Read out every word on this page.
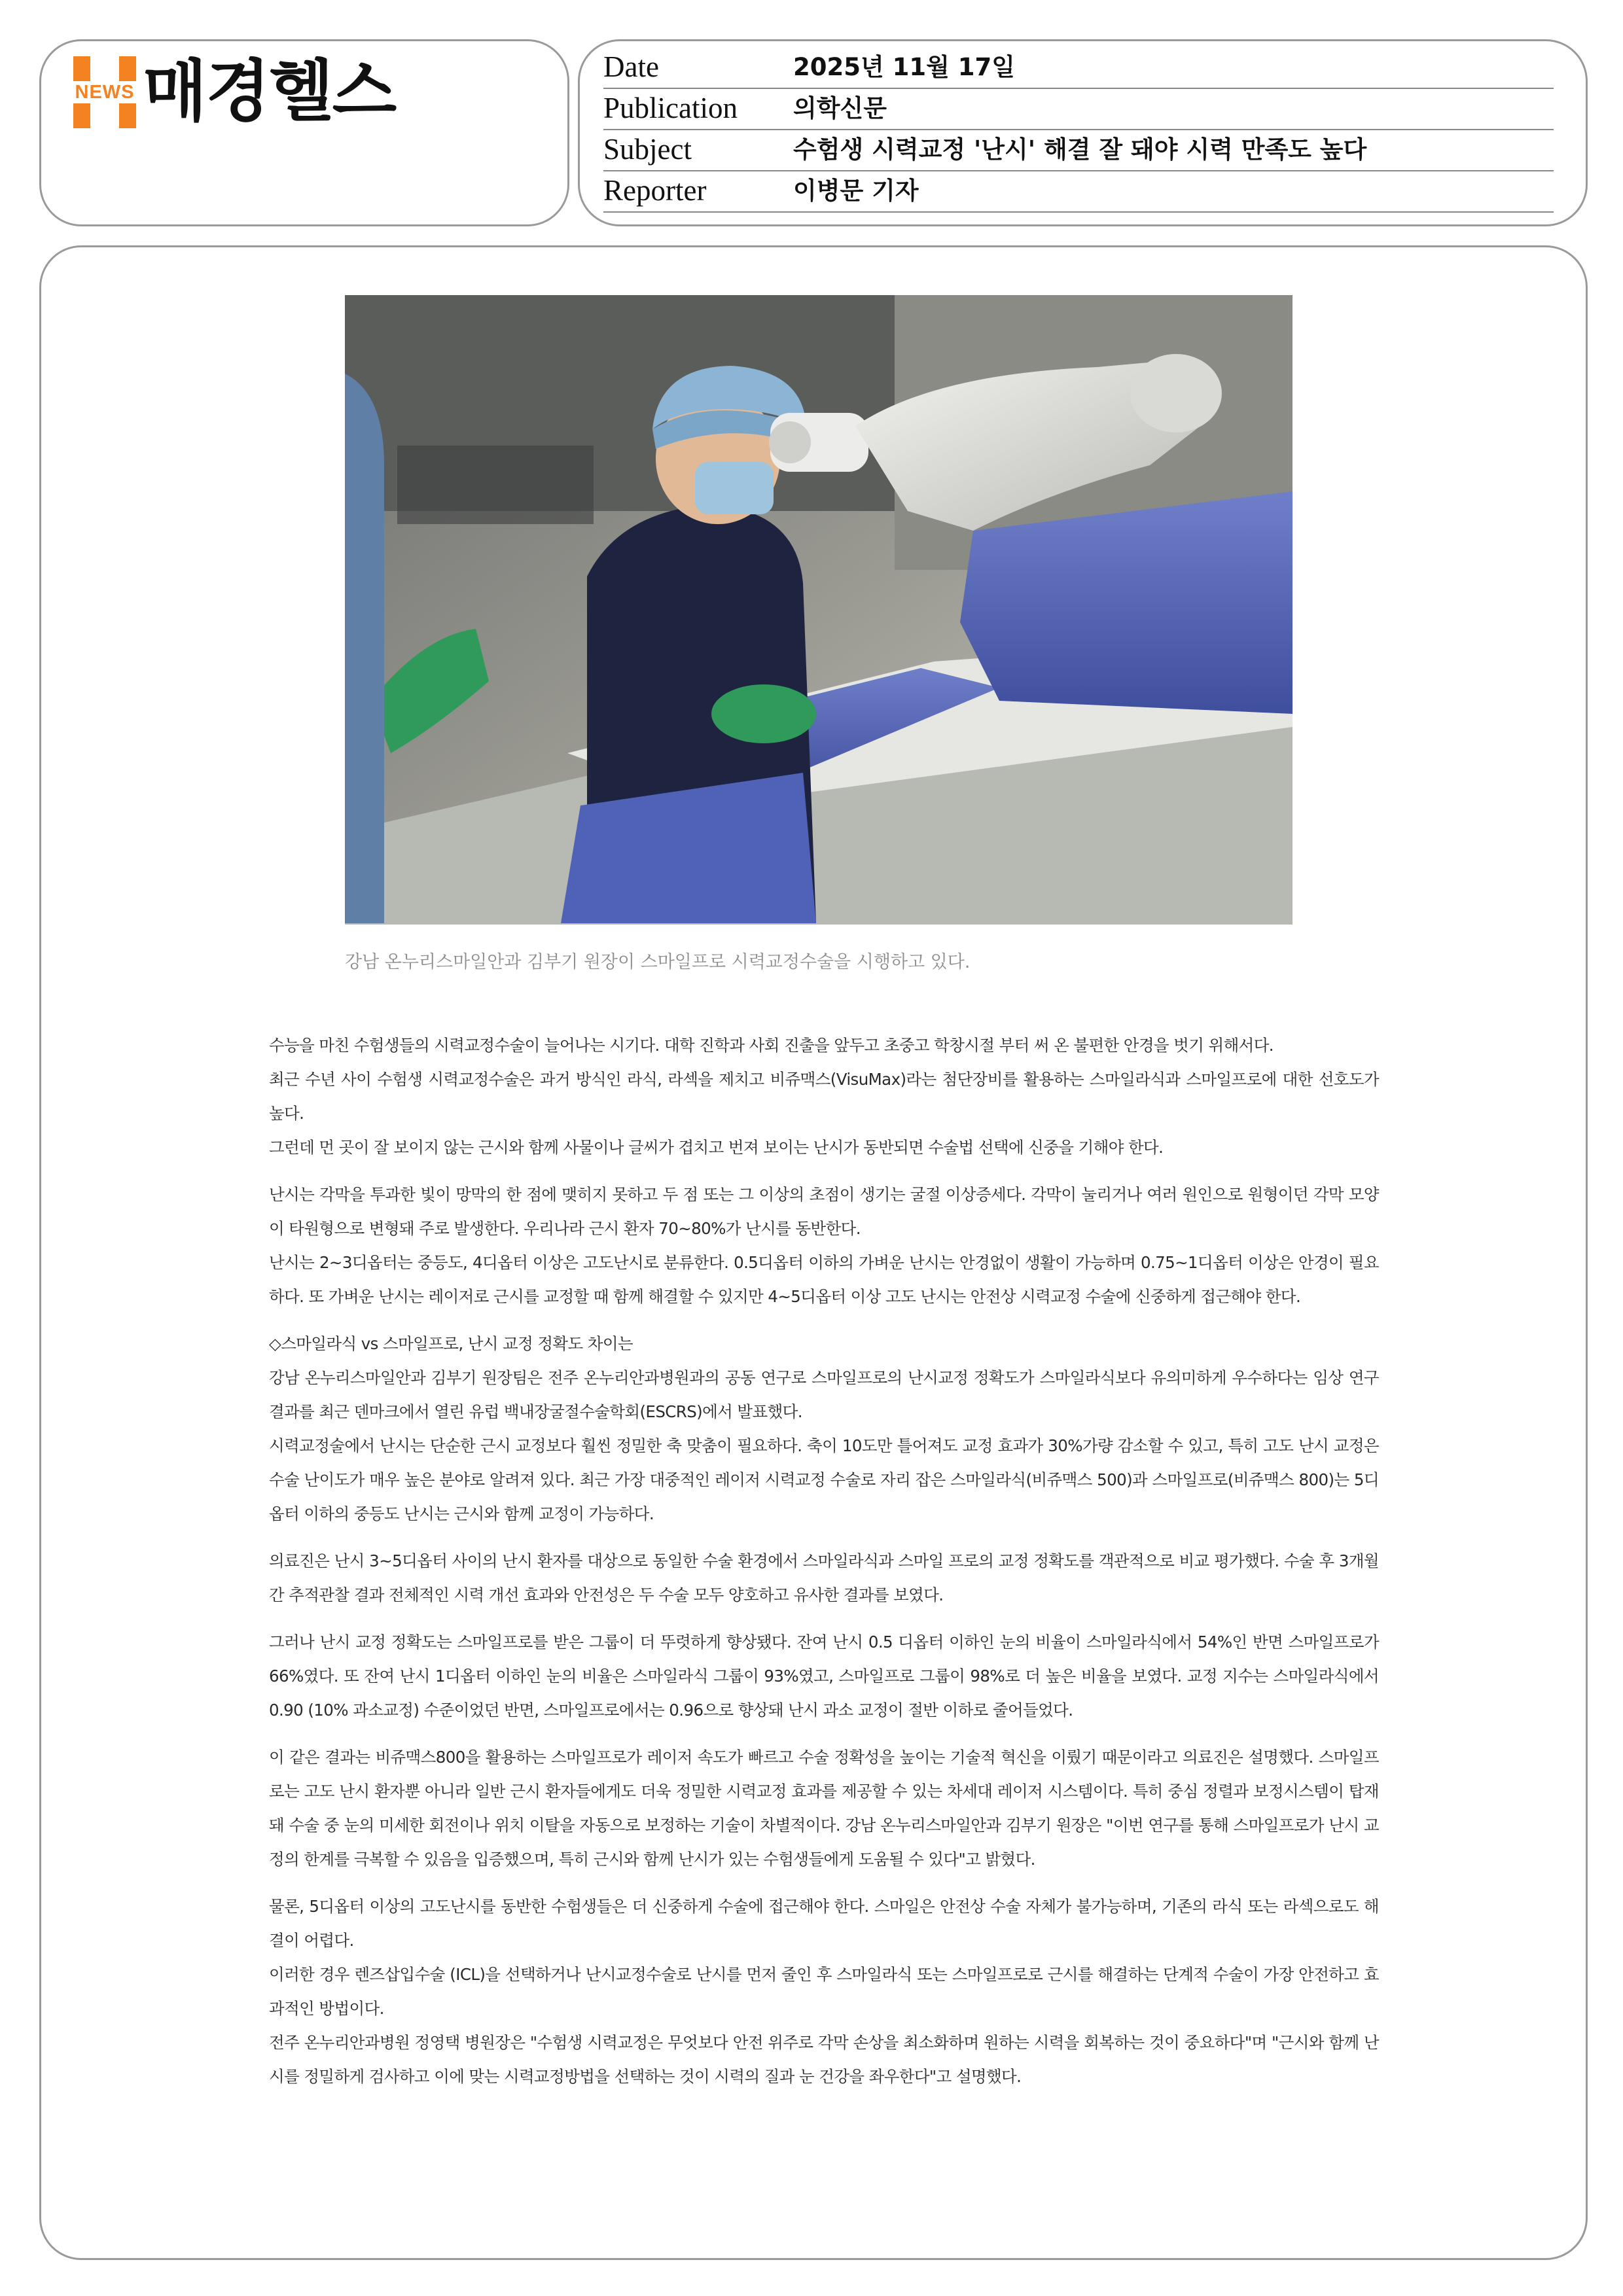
NEWS 매경헬스	Date	2025년 11월 17일
Publication 의학신문
Subject	수험생 시력교정 '난시' 해결 잘 돼야 시력 만족도 높다
Reporter	이병문 기자
강남 온누리스마일안과 김부기 원장이 스마일프로 시력교정수술을 시행하고 있다.
수능을 마친 수험생들의 시력교정수술이 늘어나는 시기다. 대학 진학과 사회 진출을 앞두고 초중고 학창시절 부터 써 온 불편한 안경을 벗기 위해서다.
최근 수년 사이 수험생 시력교정수술은 과거 방식인 라식, 라섹을 제치고 비쥬맥스(VisuMax)라는 첨단장비를 활용하는 스마일라식과 스마일프로에 대한 선호도가 높다.
그런데 먼 곳이 잘 보이지 않는 근시와 함께 사물이나 글씨가 겹치고 번져 보이는 난시가 동반되면 수술법 선택에 신중을 기해야 한다.
난시는 각막을 투과한 빛이 망막의 한 점에 맺히지 못하고 두 점 또는 그 이상의 초점이 생기는 굴절 이상증세다. 각막이 눌리거나 여러 원인으로 원형이던 각막 모양이 타원형으로 변형돼 주로 발생한다. 우리나라 근시 환자 70~80%가 난시를 동반한다.
난시는 2~3디옵터는 중등도, 4디옵터 이상은 고도난시로 분류한다. 0.5디옵터 이하의 가벼운 난시는 안경없이 생활이 가능하며 0.75~1디옵터 이상은 안경이 필요하다. 또 가벼운 난시는 레이저로 근시를 교정할 때 함께 해결할 수 있지만 4~5디옵터 이상 고도 난시는 안전상 시력교정 수술에 신중하게 접근해야 한다.
◇스마일라식 vs 스마일프로, 난시 교정 정확도 차이는
강남 온누리스마일안과 김부기 원장팀은 전주 온누리안과병원과의 공동 연구로 스마일프로의 난시교정 정확도가 스마일라식보다 유의미하게 우수하다는 임상 연구결과를 최근 덴마크에서 열린 유럽 백내장굴절수술학회(ESCRS)에서 발표했다.
시력교정술에서 난시는 단순한 근시 교정보다 훨씬 정밀한 축 맞춤이 필요하다. 축이 10도만 틀어져도 교정 효과가 30%가량 감소할 수 있고, 특히 고도 난시 교정은 수술 난이도가 매우 높은 분야로 알려져 있다. 최근 가장 대중적인 레이저 시력교정 수술로 자리 잡은 스마일라식(비쥬맥스 500)과 스마일프로(비쥬맥스 800)는 5디옵터 이하의 중등도 난시는 근시와 함께 교정이 가능하다.
의료진은 난시 3~5디옵터 사이의 난시 환자를 대상으로 동일한 수술 환경에서 스마일라식과 스마일 프로의 교정 정확도를 객관적으로 비교 평가했다. 수술 후 3개월 간 추적관찰 결과 전체적인 시력 개선 효과와 안전성은 두 수술 모두 양호하고 유사한 결과를 보였다.
그러나 난시 교정 정확도는 스마일프로를 받은 그룹이 더 뚜렷하게 향상됐다. 잔여 난시 0.5 디옵터 이하인 눈의 비율이 스마일라식에서 54%인 반면 스마일프로가 66%였다. 또 잔여 난시 1디옵터 이하인 눈의 비율은 스마일라식 그룹이 93%였고, 스마일프로 그룹이 98%로 더 높은 비율을 보였다. 교정 지수는 스마일라식에서 0.90 (10% 과소교정) 수준이었던 반면, 스마일프로에서는 0.96으로 향상돼 난시 과소 교정이 절반 이하로 줄어들었다.
이 같은 결과는 비쥬맥스800을 활용하는 스마일프로가 레이저 속도가 빠르고 수술 정확성을 높이는 기술적 혁신을 이뤘기 때문이라고 의료진은 설명했다. 스마일프로는 고도 난시 환자뿐 아니라 일반 근시 환자들에게도 더욱 정밀한 시력교정 효과를 제공할 수 있는 차세대 레이저 시스템이다. 특히 중심 정렬과 보정시스템이 탑재돼 수술 중 눈의 미세한 회전이나 위치 이탈을 자동으로 보정하는 기술이 차별적이다. 강남 온누리스마일안과 김부기 원장은 "이번 연구를 통해 스마일프로가 난시 교정의 한계를 극복할 수 있음을 입증했으며, 특히 근시와 함께 난시가 있는 수험생들에게 도움될 수 있다"고 밝혔다.
물론, 5디옵터 이상의 고도난시를 동반한 수험생들은 더 신중하게 수술에 접근해야 한다. 스마일은 안전상 수술 자체가 불가능하며, 기존의 라식 또는 라섹으로도 해결이 어렵다.
이러한 경우 렌즈삽입수술 (ICL)을 선택하거나 난시교정수술로 난시를 먼저 줄인 후 스마일라식 또는 스마일프로로 근시를 해결하는 단계적 수술이 가장 안전하고 효과적인 방법이다.
전주 온누리안과병원 정영택 병원장은 "수험생 시력교정은 무엇보다 안전 위주로 각막 손상을 최소화하며 원하는 시력을 회복하는 것이 중요하다"며 "근시와 함께 난시를 정밀하게 검사하고 이에 맞는 시력교정방법을 선택하는 것이 시력의 질과 눈 건강을 좌우한다"고 설명했다.
